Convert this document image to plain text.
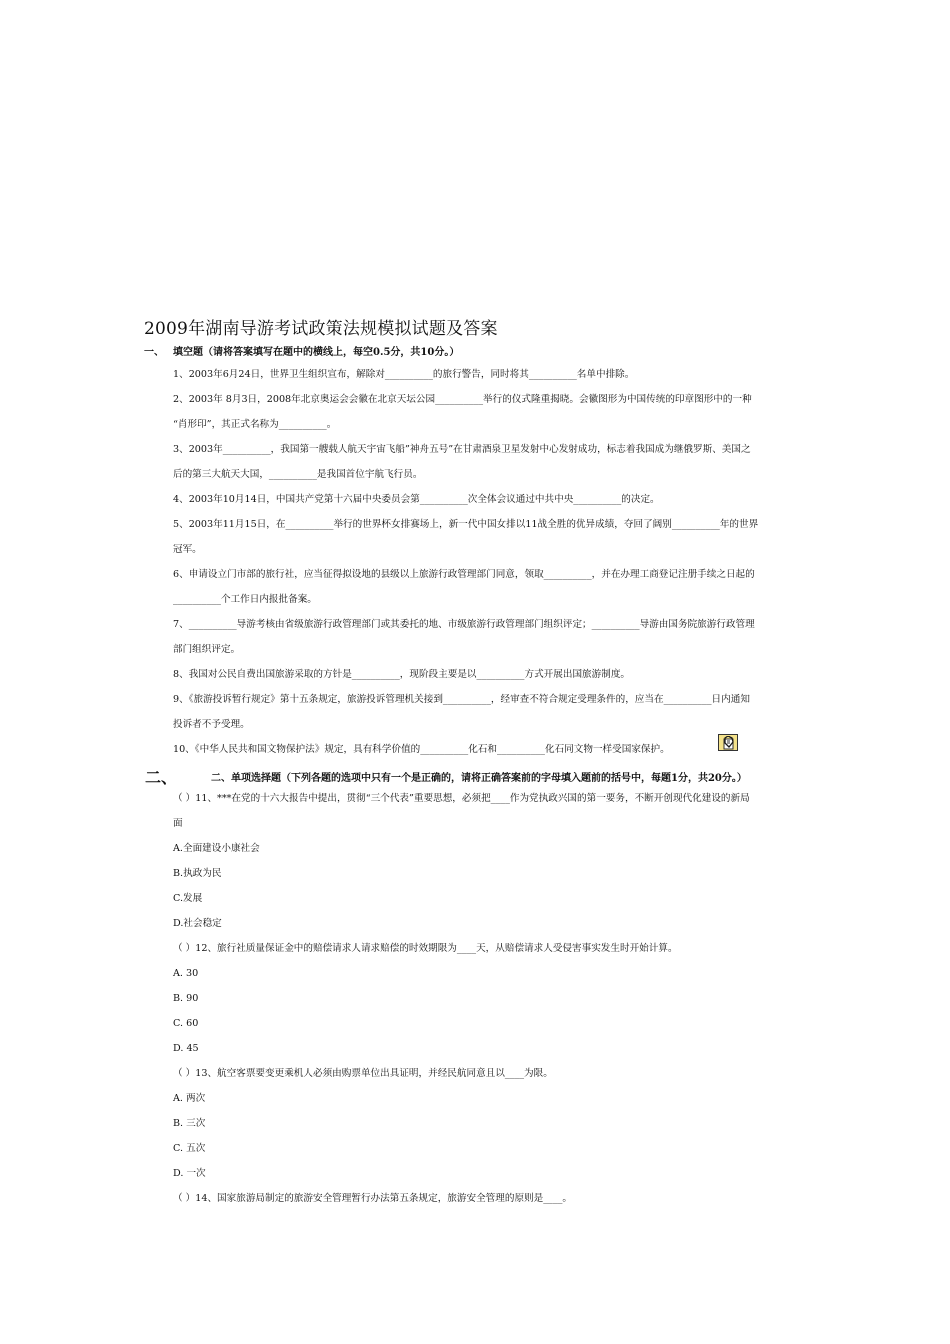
2009年湖南导游考试政策法规模拟试题及答案
一、 填空题（请将答案填写在题中的横线上，每空0.5分，共10分。）
1、2003年6月24日，世界卫生组织宣布，解除对__________的旅行警告，同时将其__________名单中排除。
2、2003年 8月3日，2008年北京奥运会会徽在北京天坛公园__________举行的仪式隆重揭晓。会徽图形为中国传统的印章图形中的一种
“肖形印”，其正式名称为__________。
3、2003年__________，我国第一艘载人航天宇宙飞船”神舟五号”在甘肃酒泉卫星发射中心发射成功，标志着我国成为继俄罗斯、美国之
后的第三大航天大国，__________是我国首位宇航飞行员。
4、2003年10月14日，中国共产党第十六届中央委员会第__________次全体会议通过中共中央__________的决定。
5、2003年11月15日，在__________举行的世界杯女排赛场上，新一代中国女排以11战全胜的优异成绩，夺回了阔别__________年的世界
冠军。
6、申请设立门市部的旅行社，应当征得拟设地的县级以上旅游行政管理部门同意，领取__________，并在办理工商登记注册手续之日起的
__________个工作日内报批备案。
7、__________导游考核由省级旅游行政管理部门或其委托的地、市级旅游行政管理部门组织评定；__________导游由国务院旅游行政管理
部门组织评定。
8、我国对公民自费出国旅游采取的方针是__________，现阶段主要是以__________方式开展出国旅游制度。
9、《旅游投诉暂行规定》第十五条规定，旅游投诉管理机关接到__________，经审查不符合规定受理条件的，应当在__________日内通知
投诉者不予受理。
10、《中华人民共和国文物保护法》规定，具有科学价值的__________化石和__________化石同文物一样受国家保护。
二、	二、单项选择题（下列各题的选项中只有一个是正确的，请将正确答案前的字母填入题前的括号中，每题1分，共20分。）
（ ）11、***在党的十六大报告中提出，贯彻“三个代表”重要思想，必须把____作为党执政兴国的第一要务，不断开创现代化建设的新局
面
A.全面建设小康社会
B.执政为民
C.发展
D.社会稳定
（ ）12、旅行社质量保证金中的赔偿请求人请求赔偿的时效期限为____天，从赔偿请求人受侵害事实发生时开始计算。
A. 30
B. 90
C. 60
D. 45
（ ）13、航空客票要变更乘机人必须由购票单位出具证明，并经民航同意且以____为限。
A. 两次
B. 三次
C. 五次
D. 一次
（ ）14、国家旅游局制定的旅游安全管理暂行办法第五条规定，旅游安全管理的原则是____。
